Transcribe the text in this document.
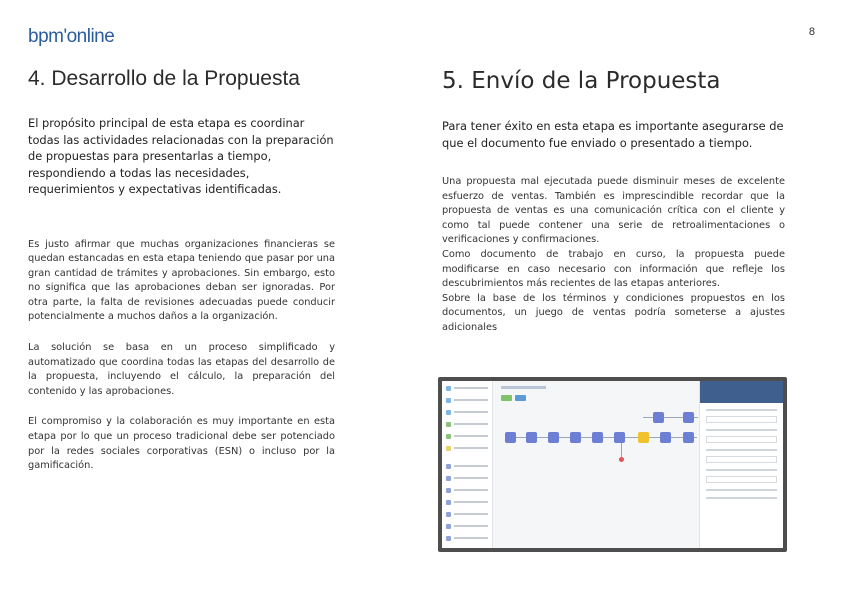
8
bpm'online
4. Desarrollo de la Propuesta

El propósito principal de esta etapa es coordinar todas las actividades relacionadas con la preparación de propuestas para presentarlas a tiempo, respondiendo a todas las necesidades, requerimientos y expectativas identificadas.

Es justo afirmar que muchas organizaciones financieras se quedan estancadas en esta etapa teniendo que pasar por una gran cantidad de trámites y aprobaciones. Sin embargo, esto no significa que las aprobaciones deban ser ignoradas. Por otra parte, la falta de revisiones adecuadas puede conducir potencialmente a muchos daños a la organización.

La solución se basa en un proceso simplificado y automatizado que coordina todas las etapas del desarrollo de la propuesta, incluyendo el cálculo, la preparación del contenido y las aprobaciones.

El compromiso y la colaboración es muy importante en esta etapa por lo que un proceso tradicional debe ser potenciado por la redes sociales corporativas (ESN) o incluso por la gamificación.

5. Envío de la Propuesta

Para tener éxito en esta etapa es importante asegurarse de que el documento fue enviado o presentado a tiempo.

Una propuesta mal ejecutada puede disminuir meses de excelente esfuerzo de ventas. También es imprescindible recordar que la propuesta de ventas es una comunicación crítica con el cliente y como tal puede contener una serie de retroalimentaciones o verificaciones y confirmaciones.

Como documento de trabajo en curso, la propuesta puede modificarse en caso necesario con información que refleje los descubrimientos más recientes de las etapas anteriores.

Sobre la base de los términos y condiciones propuestos en los documentos, un juego de ventas podría someterse a ajustes adicionales
